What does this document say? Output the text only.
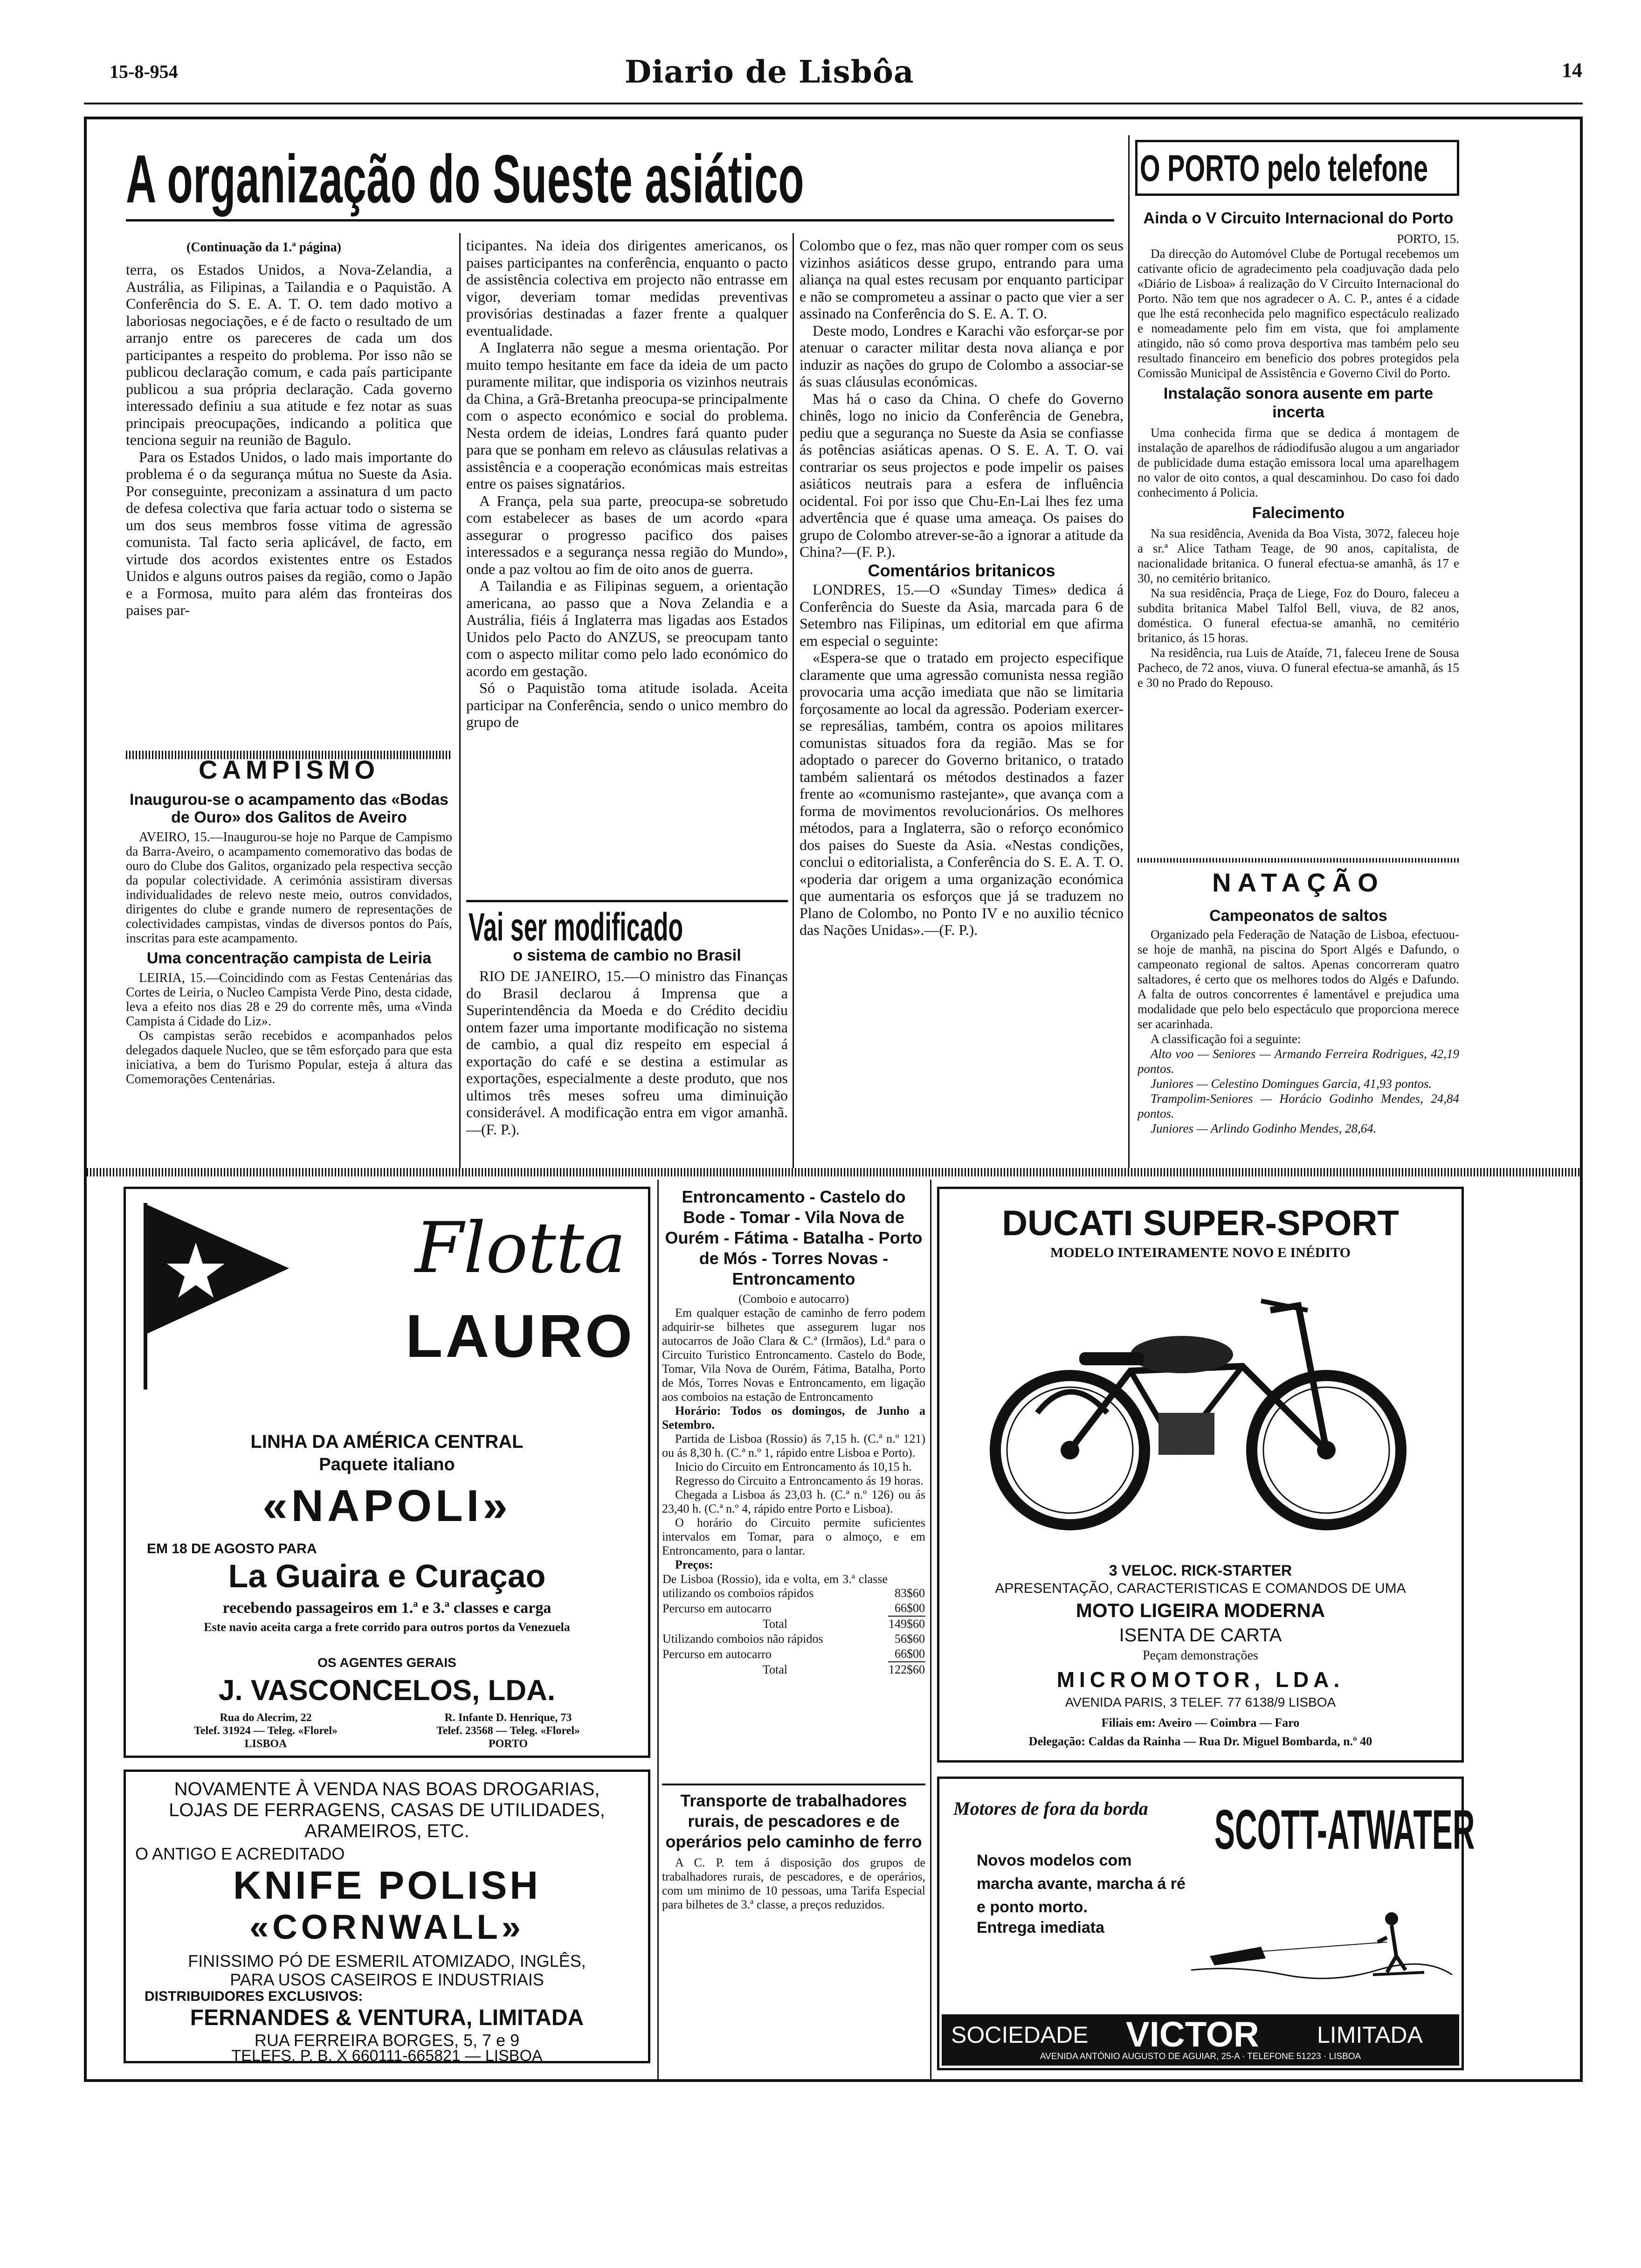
15-8-954	Diario de Lisbôa	14
A organização do Sueste asiático
(Continuação da 1.ª página)

terra, os Estados Unidos, a Nova-Zelandia, a Austrália, as Filipinas, a Tailandia e o Paquistão. A Conferência do S. E. A. T. O. tem dado motivo a laboriosas negociações, e é de facto o resultado de um arranjo entre os pareceres de cada um dos participantes a respeito do problema. Por isso não se publicou declaração comum, e cada país participante publicou a sua própria declaração. Cada governo interessado definiu a sua atitude e fez notar as suas principais preocupações, indicando a politica que tenciona seguir na reunião de Bagulo.

Para os Estados Unidos, o lado mais importante do problema é o da segurança mútua no Sueste da Asia. Por conseguinte, preconizam a assinatura d um pacto de defesa colectiva que faria actuar todo o sistema se um dos seus membros fosse vitima de agressão comunista. Tal facto seria aplicável, de facto, em virtude dos acordos existentes entre os Estados Unidos e alguns outros paises da região, como o Japão e a Formosa, muito para além das fronteiras dos paises par-

CAMPISMO
Inaugurou-se o acampamento das «Bodas de Ouro» dos Galitos de Aveiro

AVEIRO, 15.—Inaugurou-se hoje no Parque de Campismo da Barra-Aveiro, o acampamento comemorativo das bodas de ouro do Clube dos Galitos, organizado pela respectiva secção da popular colectividade. A cerimónia assistiram diversas individualidades de relevo neste meio, outros convidados, dirigentes do clube e grande numero de representações de colectividades campistas, vindas de diversos pontos do País, inscritas para este acampamento.

Uma concentração campista de Leiria

LEIRIA, 15.—Coincidindo com as Festas Centenárias das Cortes de Leiria, o Nucleo Campista Verde Pino, desta cidade, leva a efeito nos dias 28 e 29 do corrente mês, uma «Vinda Campista á Cidade do Liz».

Os campistas serão recebidos e acompanhados pelos delegados daquele Nucleo, que se têm esforçado para que esta iniciativa, a bem do Turismo Popular, esteja á altura das Comemorações Centenárias.

ticipantes. Na ideia dos dirigentes americanos, os paises participantes na conferência, enquanto o pacto de assistência colectiva em projecto não entrasse em vigor, deveriam tomar medidas preventivas provisórias destinadas a fazer frente a qualquer eventualidade.

A Inglaterra não segue a mesma orientação. Por muito tempo hesitante em face da ideia de um pacto puramente militar, que indisporia os vizinhos neutrais da China, a Grã-Bretanha preocupa-se principalmente com o aspecto económico e social do problema. Nesta ordem de ideias, Londres fará quanto puder para que se ponham em relevo as cláusulas relativas a assistência e a cooperação económicas mais estreitas entre os paises signatários.

A França, pela sua parte, preocupa-se sobretudo com estabelecer as bases de um acordo «para assegurar o progresso pacifico dos paises interessados e a segurança nessa região do Mundo», onde a paz voltou ao fim de oito anos de guerra.

A Tailandia e as Filipinas seguem, a orientação americana, ao passo que a Nova Zelandia e a Austrália, fiéis á Inglaterra mas ligadas aos Estados Unidos pelo Pacto do ANZUS, se preocupam tanto com o aspecto militar como pelo lado económico do acordo em gestação.

Só o Paquistão toma atitude isolada. Aceita participar na Conferência, sendo o unico membro do grupo de

Vai ser modificado
o sistema de cambio no Brasil

RIO DE JANEIRO, 15.—O ministro das Finanças do Brasil declarou á Imprensa que a Superintendência da Moeda e do Crédito decidiu ontem fazer uma importante modificação no sistema de cambio, a qual diz respeito em especial á exportação do café e se destina a estimular as exportações, especialmente a deste produto, que nos ultimos três meses sofreu uma diminuição considerável. A modificação entra em vigor amanhã.—(F. P.).

Colombo que o fez, mas não quer romper com os seus vizinhos asiáticos desse grupo, entrando para uma aliança na qual estes recusam por enquanto participar e não se comprometeu a assinar o pacto que vier a ser assinado na Conferência do S. E. A. T. O.

Deste modo, Londres e Karachi vão esforçar-se por atenuar o caracter militar desta nova aliança e por induzir as nações do grupo de Colombo a associar-se ás suas cláusulas económicas.

Mas há o caso da China. O chefe do Governo chinês, logo no inicio da Conferência de Genebra, pediu que a segurança no Sueste da Asia se confiasse ás potências asiáticas apenas. O S. E. A. T. O. vai contrariar os seus projectos e pode impelir os paises asiáticos neutrais para a esfera de influência ocidental. Foi por isso que Chu-En-Lai lhes fez uma advertência que é quase uma ameaça. Os paises do grupo de Colombo atrever-se-ão a ignorar a atitude da China?—(F. P.).

Comentários britanicos

LONDRES, 15.—O «Sunday Times» dedica á Conferência do Sueste da Asia, marcada para 6 de Setembro nas Filipinas, um editorial em que afirma em especial o seguinte:

«Espera-se que o tratado em projecto especifique claramente que uma agressão comunista nessa região provocaria uma acção imediata que não se limitaria forçosamente ao local da agressão. Poderiam exercer-se represálias, também, contra os apoios militares comunistas situados fora da região. Mas se for adoptado o parecer do Governo britanico, o tratado também salientará os métodos destinados a fazer frente ao «comunismo rastejante», que avança com a forma de movimentos revolucionários. Os melhores métodos, para a Inglaterra, são o reforço económico dos paises do Sueste da Asia. «Nestas condições, conclui o editorialista, a Conferência do S. E. A. T. O. «poderia dar origem a uma organização económica que aumentaria os esforços que já se traduzem no Plano de Colombo, no Ponto IV e no auxilio técnico das Nações Unidas».—(F. P.).

O PORTO pelo telefone
Ainda o V Circuito Internacional do Porto
PORTO, 15.

Da direcção do Automóvel Clube de Portugal recebemos um cativante oficio de agradecimento pela coadjuvação dada pelo «Diário de Lisboa» á realização do V Circuito Internacional do Porto. Não tem que nos agradecer o A. C. P., antes é a cidade que lhe está reconhecida pelo magnifico espectáculo realizado e nomeadamente pelo fim em vista, que foi amplamente atingido, não só como prova desportiva mas também pelo seu resultado financeiro em beneficio dos pobres protegidos pela Comissão Municipal de Assistência e Governo Civil do Porto.

Instalação sonora ausente em parte incerta

Uma conhecida firma que se dedica á montagem de instalação de aparelhos de rádiodifusão alugou a um angariador de publicidade duma estação emissora local uma aparelhagem no valor de oito contos, a qual descaminhou. Do caso foi dado conhecimento á Policia.

Falecimento

Na sua residência, Avenida da Boa Vista, 3072, faleceu hoje a sr.ª Alice Tatham Teage, de 90 anos, capitalista, de nacionalidade britanica. O funeral efectua-se amanhã, ás 17 e 30, no cemitério britanico.

Na sua residência, Praça de Liege, Foz do Douro, faleceu a subdita britanica Mabel Talfol Bell, viuva, de 82 anos, doméstica. O funeral efectua-se amanhã, no cemitério britanico, ás 15 horas.

Na residência, rua Luis de Ataíde, 71, faleceu Irene de Sousa Pacheco, de 72 anos, viuva. O funeral efectua-se amanhã, ás 15 e 30 no Prado do Repouso.

NATAÇÃO
Campeonatos de saltos

Organizado pela Federação de Natação de Lisboa, efectuou-se hoje de manhã, na piscina do Sport Algés e Dafundo, o campeonato regional de saltos. Apenas concorreram quatro saltadores, é certo que os melhores todos do Algés e Dafundo. A falta de outros concorrentes é lamentável e prejudica uma modalidade que pelo belo espectáculo que proporciona merece ser acarinhada.

A classificação foi a seguinte:

Alto voo — Seniores — Armando Ferreira Rodrigues, 42,19 pontos.

Juniores — Celestino Domingues Garcia, 41,93 pontos.

Trampolim-Seniores — Horácio Godinho Mendes, 24,84 pontos.

Juniores — Arlindo Godinho Mendes, 28,64.

Flotta
LAURO
LINHA DA AMÉRICA CENTRAL
Paquete italiano
«NAPOLI»
EM 18 DE AGOSTO PARA
La Guaira e Curaçao
recebendo passageiros em 1.ª e 3.ª classes e carga
Este navio aceita carga a frete corrido para outros portos da Venezuela
OS AGENTES GERAIS
J. VASCONCELOS, LDA.
Rua do Alecrim, 22
Telef. 31924 — Teleg. «Florel»
LISBOA
R. Infante D. Henrique, 73
Telef. 23568 — Teleg. «Florel»
PORTO
NOVAMENTE À VENDA NAS BOAS DROGARIAS,
LOJAS DE FERRAGENS, CASAS DE UTILIDADES,
ARAMEIROS, ETC.
O ANTIGO E ACREDITADO
KNIFE POLISH
«CORNWALL»
FINISSIMO PÓ DE ESMERIL ATOMIZADO, INGLÊS,
PARA USOS CASEIROS E INDUSTRIAIS
DISTRIBUIDORES EXCLUSIVOS:
FERNANDES & VENTURA, LIMITADA
RUA FERREIRA BORGES, 5, 7 e 9
TELEFS. P. B. X 660111-665821 — LISBOA
Entroncamento - Castelo do Bode - Tomar - Vila Nova de Ourém - Fátima - Batalha - Porto de Mós - Torres Novas - Entroncamento
(Comboio e autocarro)

Em qualquer estação de caminho de ferro podem adquirir-se bilhetes que assegurem lugar nos autocarros de João Clara & C.ª (Irmãos), Ld.ª para o Circuito Turistico Entroncamento. Castelo do Bode, Tomar, Vila Nova de Ourém, Fátima, Batalha, Porto de Mós, Torres Novas e Entroncamento, em ligação aos comboios na estação de Entroncamento

Horário: Todos os domingos, de Junho a Setembro.

Partida de Lisboa (Rossio) ás 7,15 h. (C.ª n.º 121) ou ás 8,30 h. (C.ª n.º 1, rápido entre Lisboa e Porto).

Inicio do Circuito em Entroncamento ás 10,15 h.

Regresso do Circuito a Entroncamento ás 19 horas.

Chegada a Lisboa ás 23,03 h. (C.ª n.º 126) ou ás 23,40 h. (C.ª n.º 4, rápido entre Porto e Lisboa).

O horário do Circuito permite suficientes intervalos em Tomar, para o almoço, e em Entroncamento, para o lantar.

Preços:

De Lisboa (Rossio), ida e volta, em 3.ª classe utilizando os comboios rápidos	83$60
Percurso em autocarro	66$00
Total	149$60
Utilizando comboios não rápidos	56$60
Percurso em autocarro	66$00
Total	122$60
Transporte de trabalhadores rurais, de pescadores e de operários pelo caminho de ferro

A C. P. tem á disposição dos grupos de trabalhadores rurais, de pescadores, e de operários, com um minimo de 10 pessoas, uma Tarifa Especial para bilhetes de 3.ª classe, a preços reduzidos.

DUCATI SUPER-SPORT
MODELO INTEIRAMENTE NOVO E INÉDITO
3 VELOC. RICK-STARTER
APRESENTAÇÃO, CARACTERISTICAS E COMANDOS DE UMA
MOTO LIGEIRA MODERNA
ISENTA DE CARTA
Peçam demonstrações
MICROMOTOR, LDA.
AVENIDA PARIS, 3 TELEF. 77 6138/9 LISBOA
Filiais em: Aveiro — Coimbra — Faro
Delegação: Caldas da Rainha — Rua Dr. Miguel Bombarda, n.º 40
Motores de fora da borda SCOTT-ATWATER
Novos modelos com marcha avante, marcha á ré e ponto morto.
Entrega imediata
SOCIEDADE VICTOR LIMITADA
AVENIDA ANTÓNIO AUGUSTO DE AGUIAR, 25-A · TELEFONE 51223 · LISBOA
